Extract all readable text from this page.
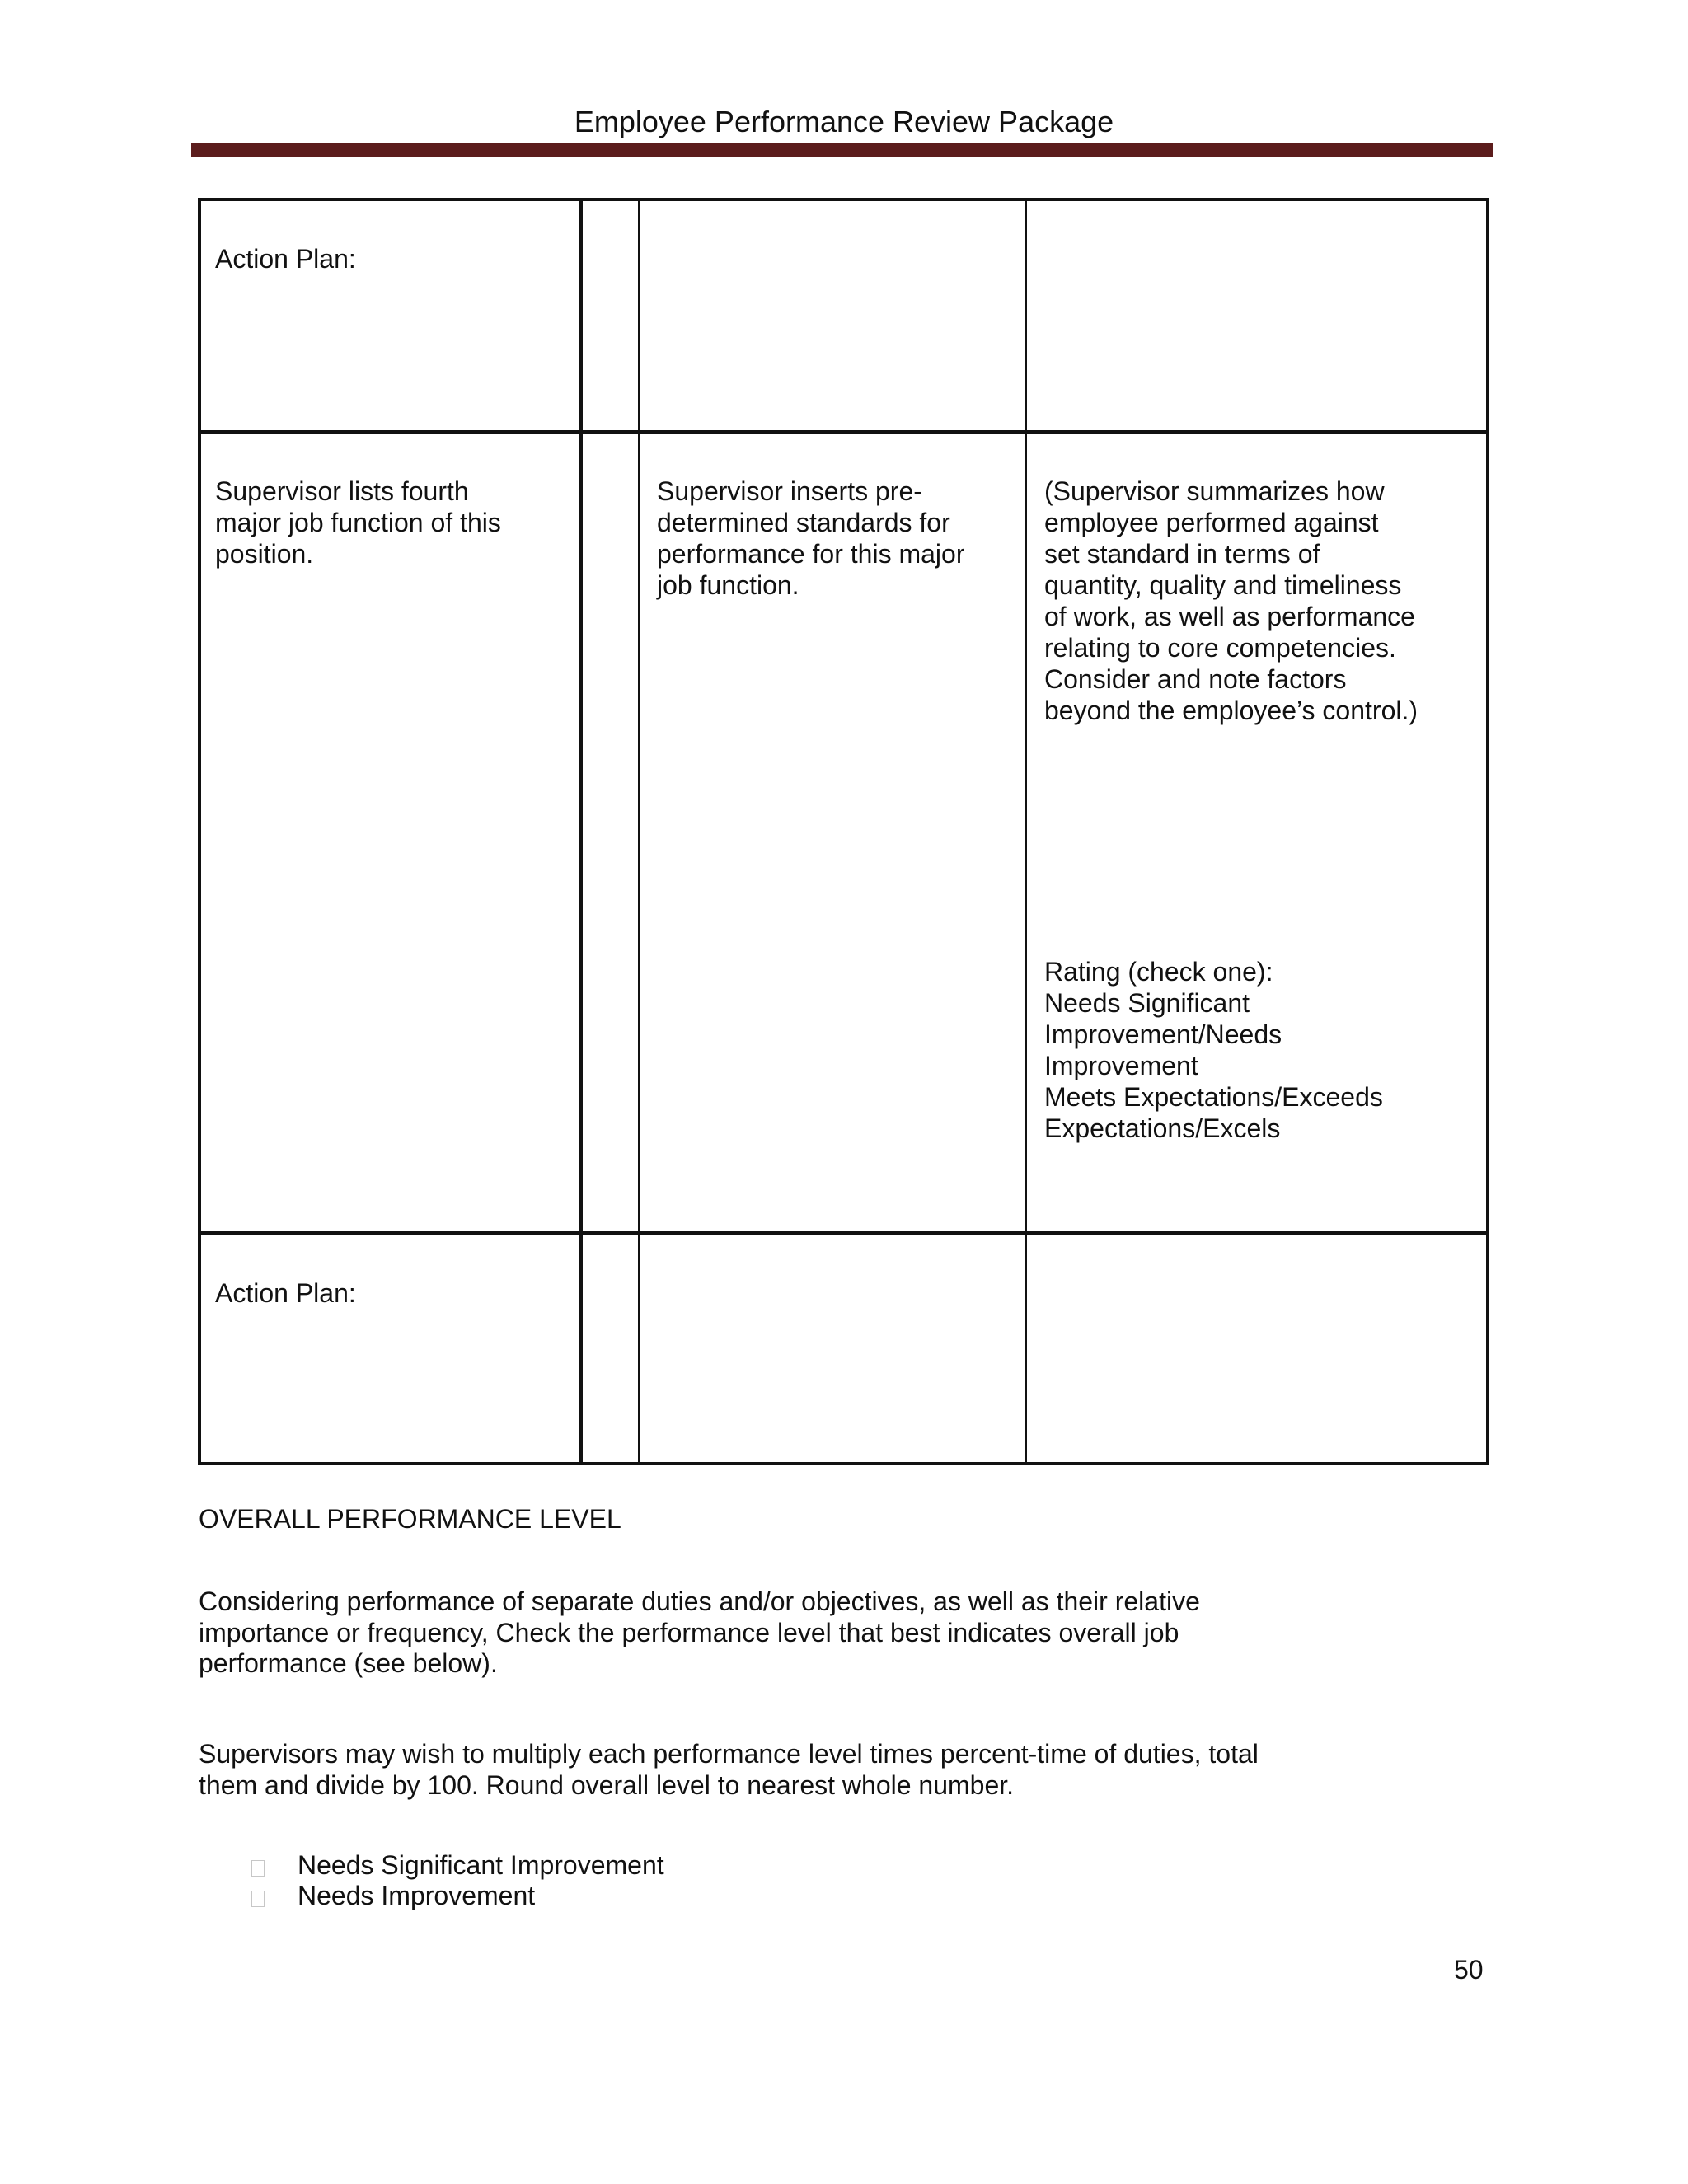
Employee Performance Review Package
Action Plan:
Supervisor lists fourth
major job function of this
position.
Supervisor inserts pre-
determined standards for
performance for this major
job function.
(Supervisor summarizes how
employee performed against
set standard in terms of
quantity, quality and timeliness
of work, as well as performance
relating to core competencies.
Consider and note factors
beyond the employee’s control.)
Rating (check one):
Needs Significant
Improvement/Needs
Improvement
Meets Expectations/Exceeds
Expectations/Excels
Action Plan:
OVERALL PERFORMANCE LEVEL
Considering performance of separate duties and/or objectives, as well as their relative
importance or frequency, Check the performance level that best indicates overall job
performance (see below).
Supervisors may wish to multiply each performance level times percent-time of duties, total
them and divide by 100. Round overall level to nearest whole number.
Needs Significant Improvement
Needs Improvement
50
